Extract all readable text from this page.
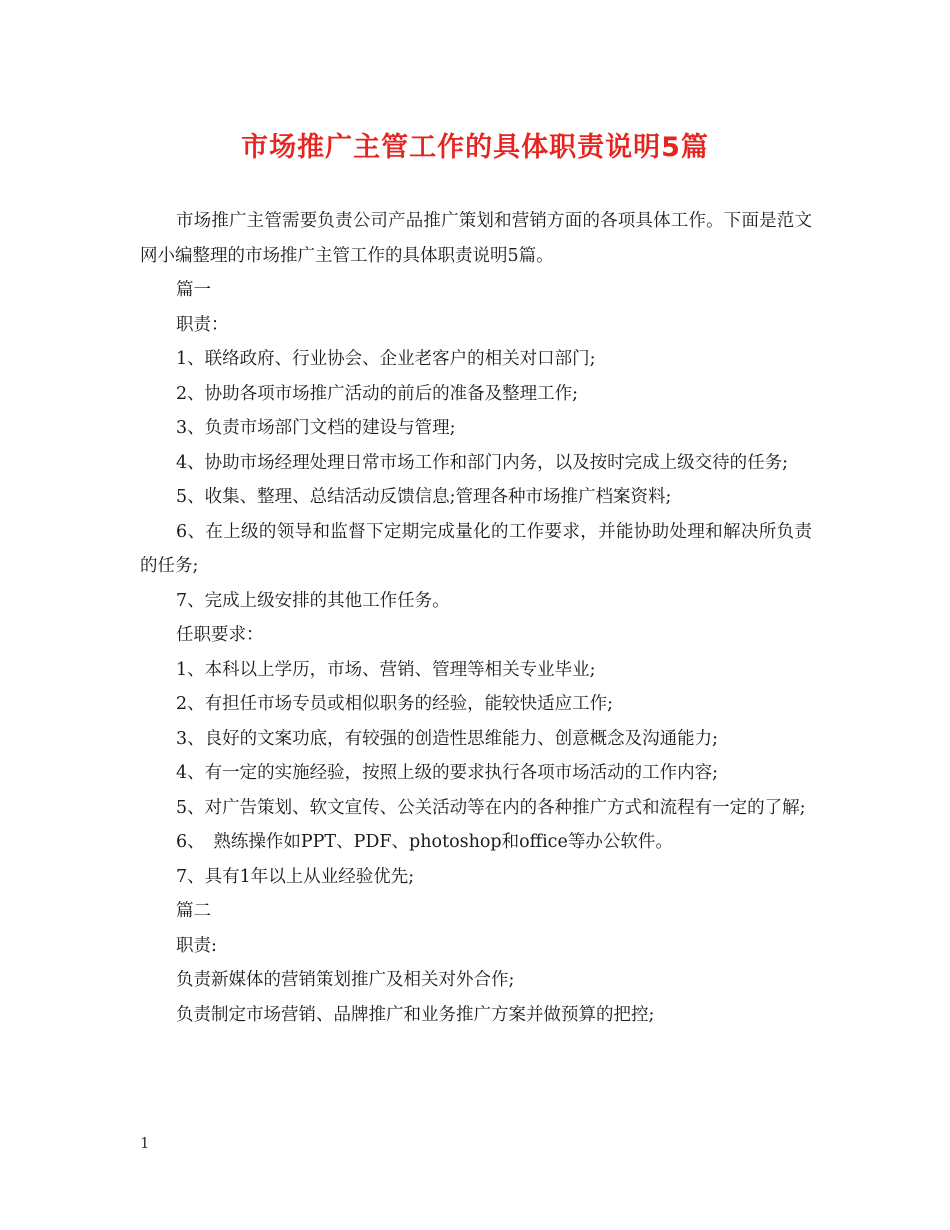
市场推广主管工作的具体职责说明5篇

市场推广主管需要负责公司产品推广策划和营销方面的各项具体工作。下面是范文网小编整理的市场推广主管工作的具体职责说明5篇。

篇一

职责：

1、联络政府、行业协会、企业老客户的相关对口部门;

2、协助各项市场推广活动的前后的准备及整理工作;

3、负责市场部门文档的建设与管理;

4、协助市场经理处理日常市场工作和部门内务，以及按时完成上级交待的任务;

5、收集、整理、总结活动反馈信息;管理各种市场推广档案资料;

6、在上级的领导和监督下定期完成量化的工作要求，并能协助处理和解决所负责的任务;

7、完成上级安排的其他工作任务。

任职要求：

1、本科以上学历，市场、营销、管理等相关专业毕业;

2、有担任市场专员或相似职务的经验，能较快适应工作;

3、良好的文案功底，有较强的创造性思维能力、创意概念及沟通能力;

4、有一定的实施经验，按照上级的要求执行各项市场活动的工作内容;

5、对广告策划、软文宣传、公关活动等在内的各种推广方式和流程有一定的了解;

6、　熟练操作如PPT、PDF、photoshop和office等办公软件。

7、具有1年以上从业经验优先;

篇二

职责:

负责新媒体的营销策划推广及相关对外合作;

负责制定市场营销、品牌推广和业务推广方案并做预算的把控;

1
